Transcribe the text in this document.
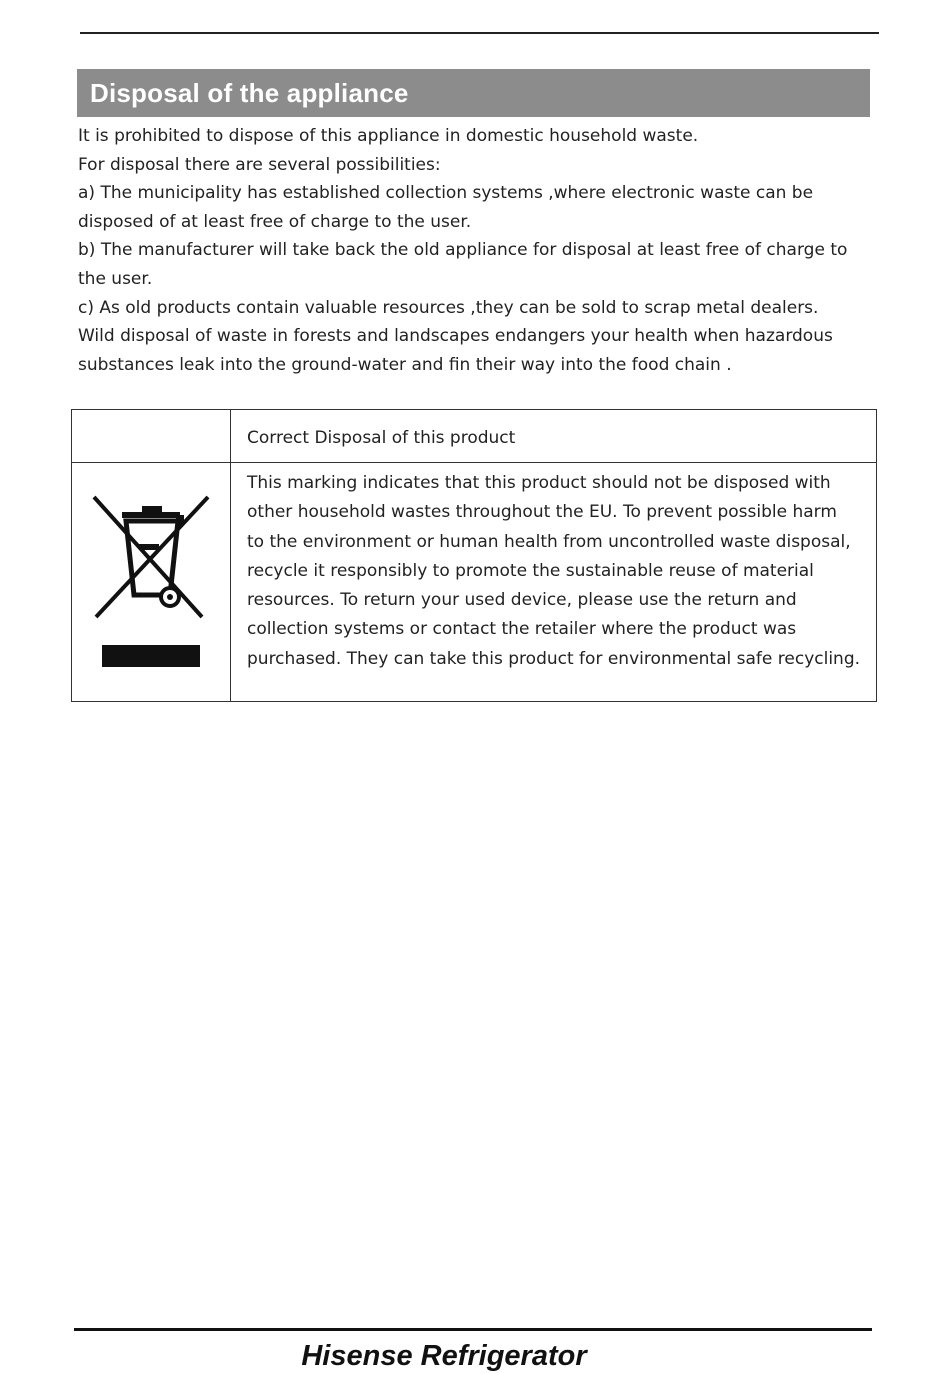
Disposal of the appliance
It is prohibited to dispose of this appliance in domestic household waste.
For disposal there are several possibilities:
a) The municipality has established collection systems ,where electronic waste can be
disposed of at least free of charge to the user.
b) The manufacturer will take back the old appliance for disposal at least free of charge to
the user.
c) As old products contain valuable resources ,they can be sold to scrap metal dealers.
Wild disposal of waste in forests and landscapes endangers your health when hazardous
substances leak into the ground-water and fin their way into the food chain .
Correct Disposal of this product
This marking indicates that this product should not be disposed with
other household wastes throughout the EU. To prevent possible harm
to the environment or human health from uncontrolled waste disposal,
recycle it responsibly to promote the sustainable reuse of material
resources. To return your used device, please use the return and
collection systems or contact the retailer where the product was
purchased. They can take this product for environmental safe recycling.
Hisense Refrigerator
